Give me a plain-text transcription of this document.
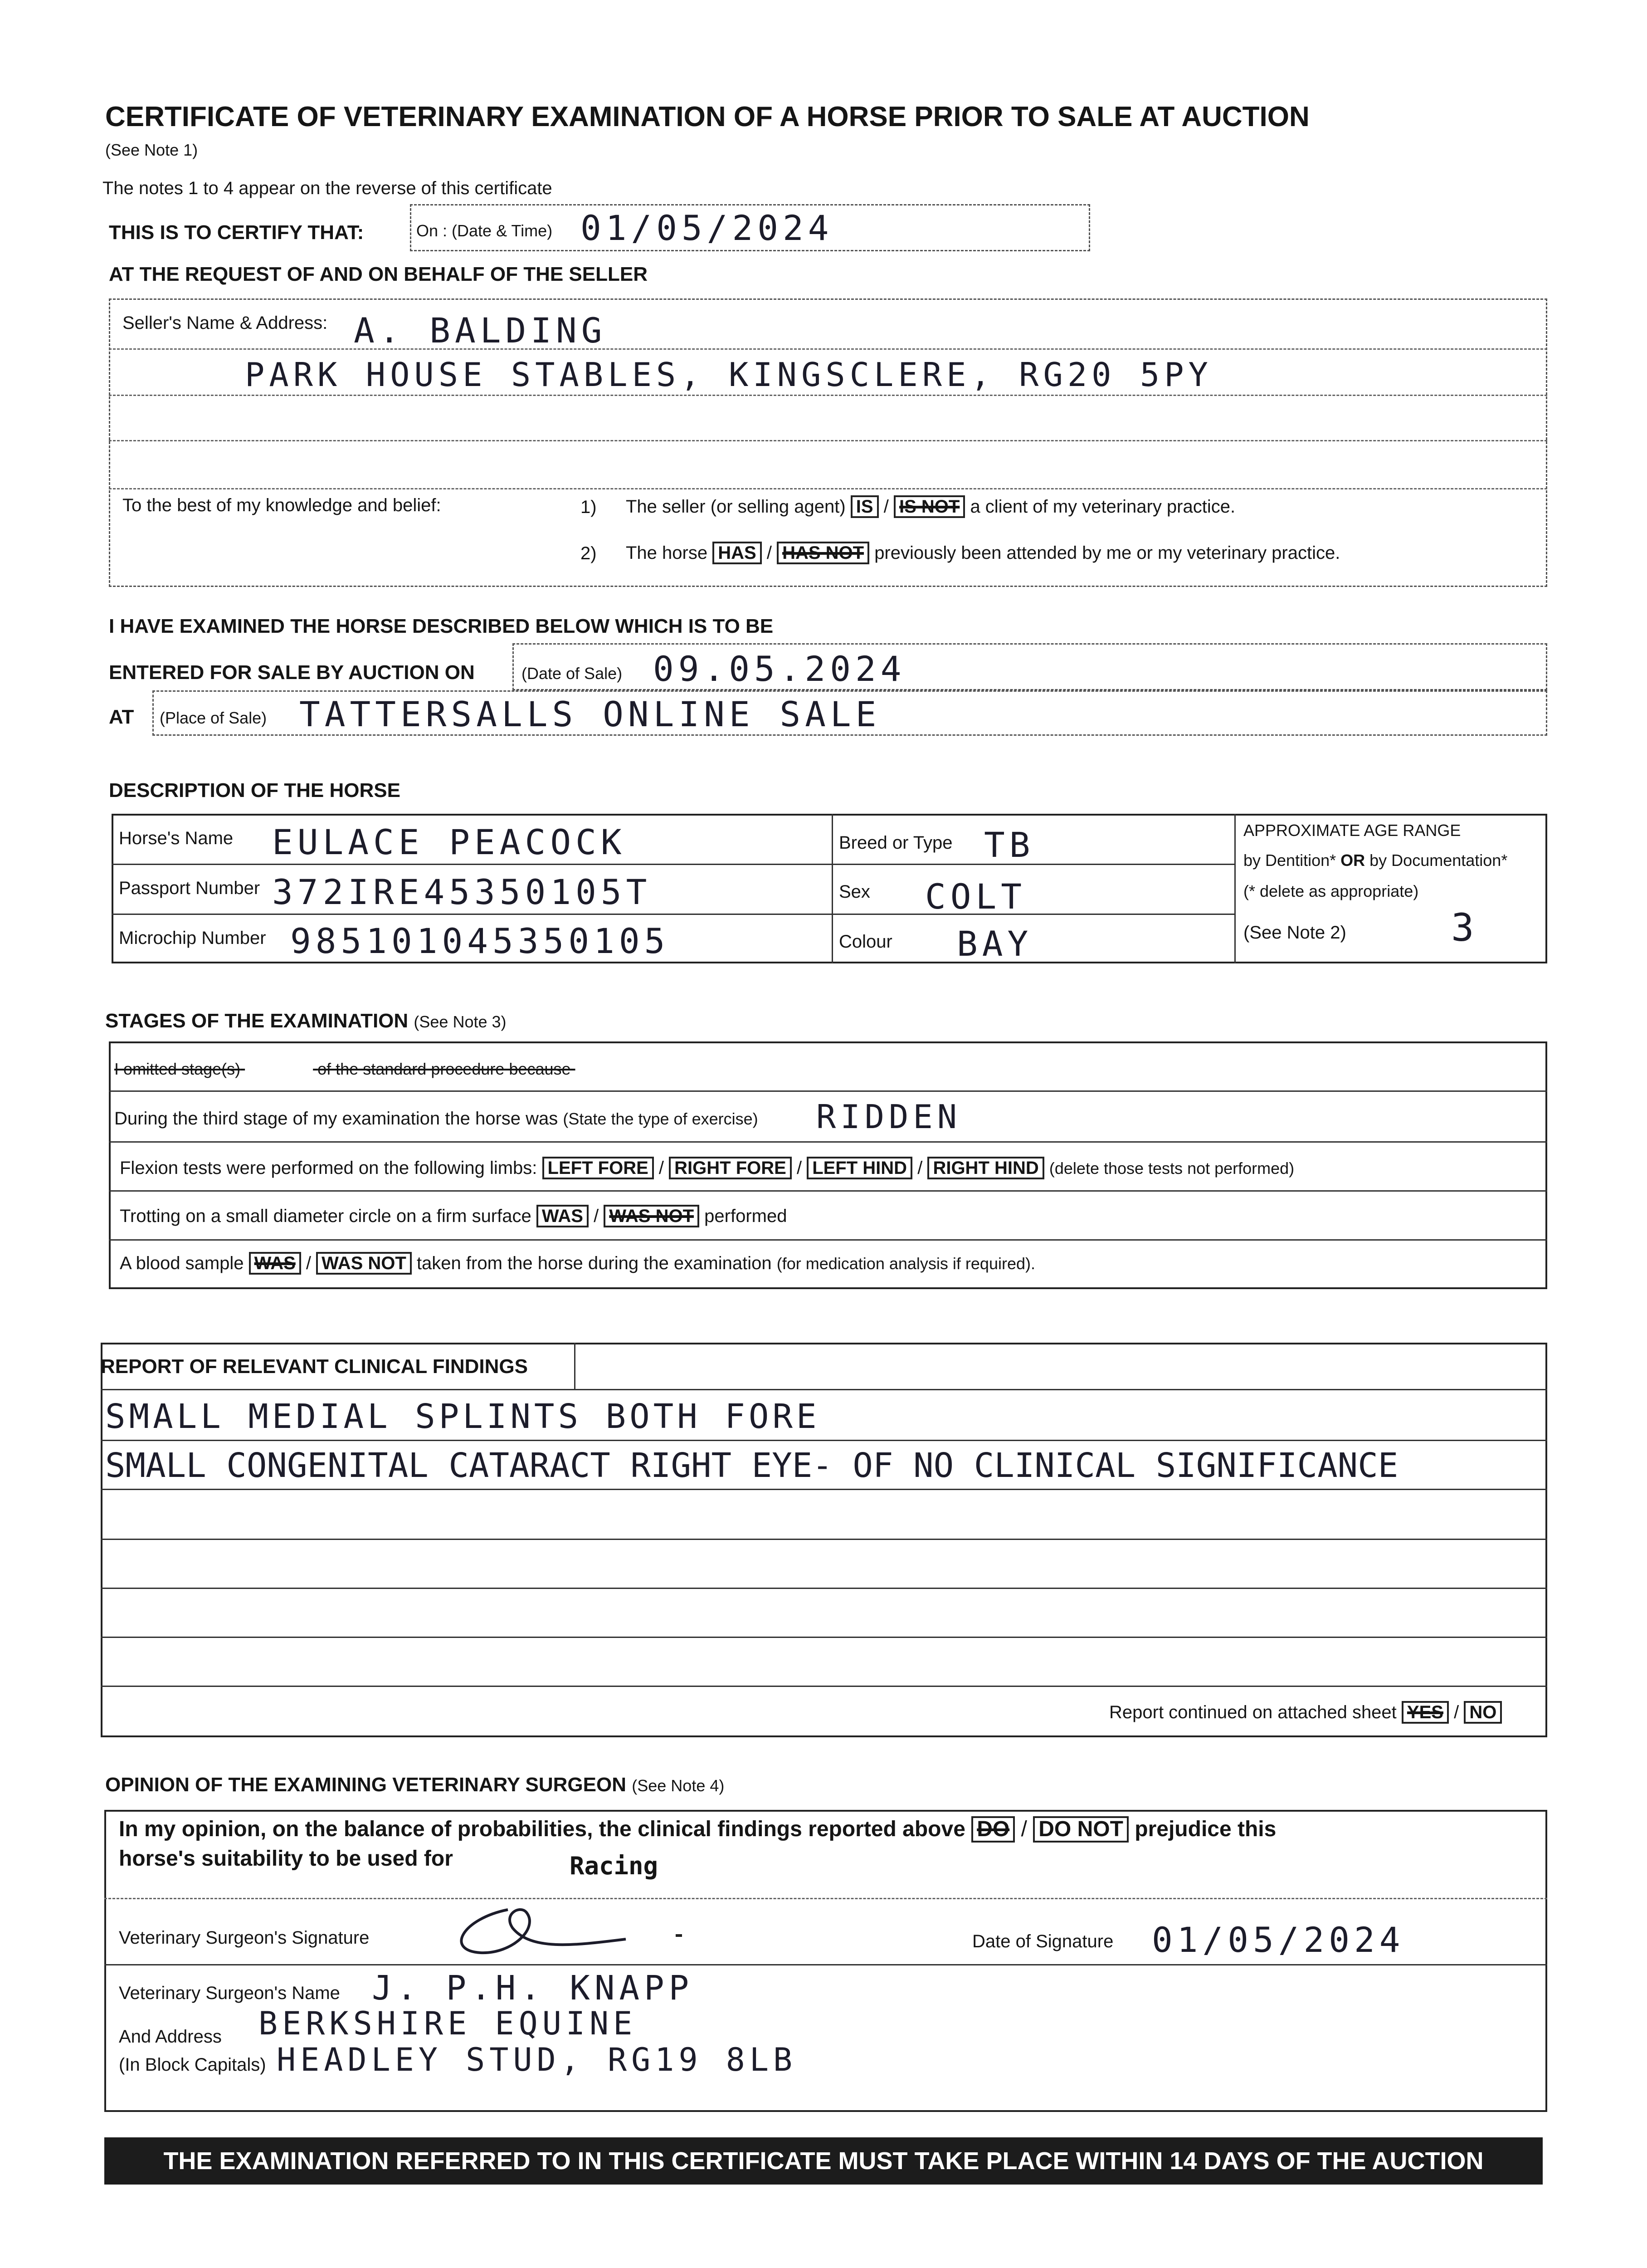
CERTIFICATE OF VETERINARY EXAMINATION OF A HORSE PRIOR TO SALE AT AUCTION
(See Note 1)
The notes 1 to 4 appear on the reverse of this certificate
THIS IS TO CERTIFY THAT:	On : (Date & Time) 01/05/2024
AT THE REQUEST OF AND ON BEHALF OF THE SELLER
Seller's Name & Address: A. BALDING
PARK HOUSE STABLES, KINGSCLERE, RG20 5PY
To the best of my knowledge and belief:	1) The seller (or selling agent) IS / IS NOT a client of my veterinary practice.
2) The horse HAS / HAS NOT previously been attended by me or my veterinary practice.
I HAVE EXAMINED THE HORSE DESCRIBED BELOW WHICH IS TO BE
ENTERED FOR SALE BY AUCTION ON	(Date of Sale) 09.05.2024
AT (Place of Sale) TATTERSALLS ONLINE SALE
DESCRIPTION OF THE HORSE
Horse's Name EULACE PEACOCK
Passport Number 372IRE45350105T
Microchip Number 985101045350105
Breed or Type TB
Sex COLT
Colour BAY
APPROXIMATE AGE RANGE
by Dentition* OR by Documentation*
(* delete as appropriate)
(See Note 2)	3
STAGES OF THE EXAMINATION (See Note 3)
I omitted stage(s)	of the standard procedure because
During the third stage of my examination the horse was (State the type of exercise) RIDDEN
Flexion tests were performed on the following limbs: LEFT FORE / RIGHT FORE / LEFT HIND / RIGHT HIND (delete those tests not performed)
Trotting on a small diameter circle on a firm surface WAS / WAS NOT performed
A blood sample WAS / WAS NOT taken from the horse during the examination (for medication analysis if required).
REPORT OF RELEVANT CLINICAL FINDINGS
SMALL MEDIAL SPLINTS BOTH FORE
SMALL CONGENITAL CATARACT RIGHT EYE- OF NO CLINICAL SIGNIFICANCE
Report continued on attached sheet YES / NO
OPINION OF THE EXAMINING VETERINARY SURGEON (See Note 4)
In my opinion, on the balance of probabilities, the clinical findings reported above DO / DO NOT prejudice this
horse's suitability to be used for	Racing
Veterinary Surgeon's Signature	Date of Signature 01/05/2024
Veterinary Surgeon's Name J. P.H. KNAPP
And Address
(In Block Capitals)
BERKSHIRE EQUINE
HEADLEY STUD, RG19 8LB
THE EXAMINATION REFERRED TO IN THIS CERTIFICATE MUST TAKE PLACE WITHIN 14 DAYS OF THE AUCTION
